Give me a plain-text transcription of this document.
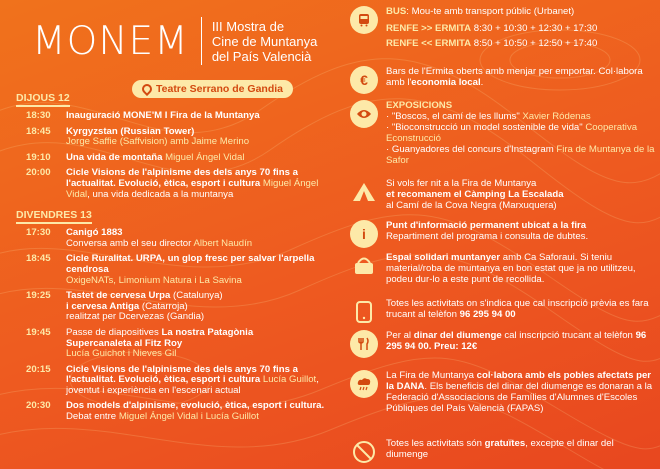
MONEM III Mostra de
Cine de Muntanya
del País Valencià
Teatre Serrano de Gandia
DIJOUS 12
18:30	Inauguració MONE'M I Fira de la Muntanya
18:45	Kyrgyzstan (Russian Tower)
Jorge Saffie (Saffvision) amb Jaime Merino
19:10	Una vida de montaña Miguel Ángel Vidal
20:00	Cicle Visions de l'alpinisme des dels anys 70 fins a l'actualitat. Evolució, ètica, esport i cultura Miguel Ángel Vidal, una vida dedicada a la muntanya
DIVENDRES 13
17:30	Canigó 1883
Conversa amb el seu director Albert Naudín
18:45	Cicle Ruralitat. URPA, un glop fresc per salvar l'arpella cendrosa
OxigeNATs, Limonium Natura i La Savina
19:25	Tastet de cervesa Urpa (Catalunya)
i cervesa Antiga (Catarroja)
realitzat per Dcervezas (Gandia)
19:45	Passe de diapositives La nostra Patagònia
Supercanaleta al Fitz Roy
Lucía Guichot i Nieves Gil
20:15	Cicle Visions de l'alpinisme des dels anys 70 fins a l'actualitat. Evolució, ètica, esport i cultura Lucía Guillot, joventut i experiència en l'escenari actual
20:30	Dos models d'alpinisme, evolució, ètica, esport i cultura.
Debat entre Miguel Ángel Vidal i Lucía Guillot

BUS: Mou-te amb transport públic (Urbanet)

RENFE >> ERMITA 8:30 + 10:30 + 12:30 + 17:30

RENFE << ERMITA 8:50 + 10:50 + 12:50 + 17:40

€
Bars de l'Ermita oberts amb menjar per emportar. Col·labora amb l'economia local.

EXPOSICIONS

· "Boscos, el camí de les llums" Xavier Ródenas

· "Bioconstrucció un model sostenible de vida" Cooperativa Econstrucció

· Guanyadores del concurs d'Instagram Fira de Muntanya de la Safor

Si vols fer nit a la Fira de Muntanya

et recomanem el Càmping La Escalada

al Camí de la Cova Negra (Marxuquera)

i

Punt d'informació permanent ubicat a la fira

Repartiment del programa i consulta de dubtes.

Espai solidari muntanyer amb Ca Saforaui. Si teniu material/roba de muntanya en bon estat que ja no utilitzeu, podeu dur-lo a este punt de recollida.
Totes les activitats on s'indica que cal inscripció prèvia es fara trucant al telèfon 96 295 94 00
Per al dinar del diumenge cal inscripció trucant al telèfon 96 295 94 00. Preu: 12€
La Fira de Muntanya col·labora amb els pobles afectats per la DANA. Els beneficis del dinar del diumenge es donaran a la Federació d'Associacions de Famílies d'Alumnes d'Escoles Públiques del País Valencià (FAPAS)
Totes les activitats són gratuïtes, excepte el dinar del diumenge
